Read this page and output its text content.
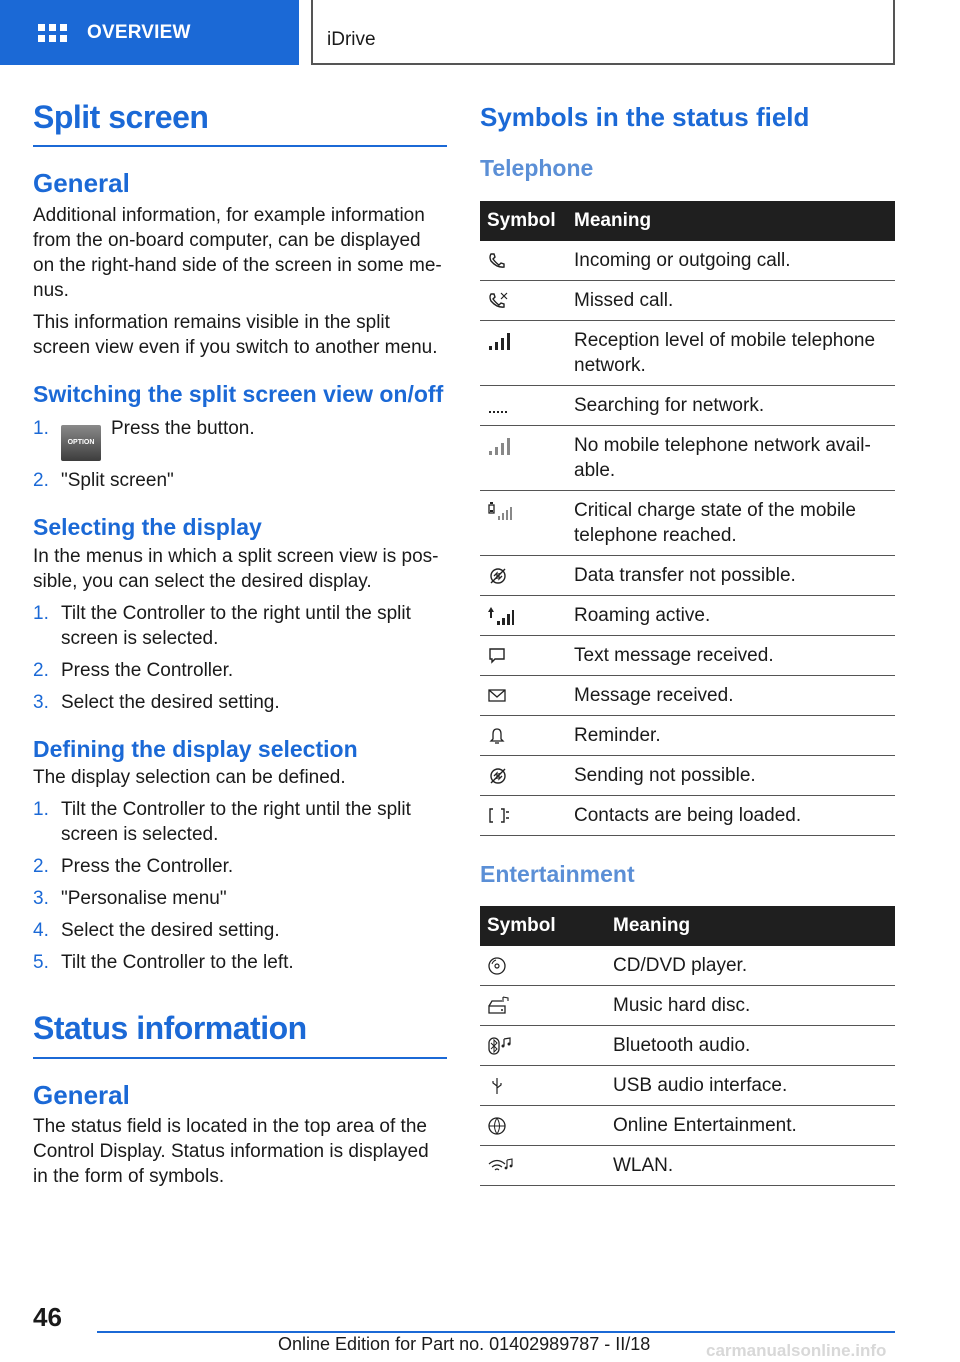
OVERVIEW	iDrive
Split screen
General

Additional information, for example information from the on-board computer, can be displayed on the right-hand side of the screen in some me‐nus.

This information remains visible in the split screen view even if you switch to another menu.

Switching the split screen view on/off
1.
OPTIONPress the button.
2. "Split screen"
Selecting the display

In the menus in which a split screen view is pos‐sible, you can select the desired display.

1. Tilt the Controller to the right until the split screen is selected.
2. Press the Controller.
3. Select the desired setting.
Defining the display selection

The display selection can be defined.

1. Tilt the Controller to the right until the split screen is selected.
2. Press the Controller.
3. "Personalise menu"
4. Select the desired setting.
5. Tilt the Controller to the left.
Status information
General

The status field is located in the top area of the Control Display. Status information is displayed in the form of symbols.

Symbols in the status field
Telephone
Symbol	Meaning

	Incoming or outgoing call.

	Missed call.

	Reception level of mobile telephone network.

	Searching for network.

	No mobile telephone network avail‐able.

	Critical charge state of the mobile telephone reached.

	Data transfer not possible.

	Roaming active.

	Text message received.

	Message received.

	Reminder.

	Sending not possible.

	Contacts are being loaded.
Entertainment
Symbol	Meaning

	CD/DVD player.

	Music hard disc.

	Bluetooth audio.

	USB audio interface.

	Online Entertainment.

	WLAN.
46
Online Edition for Part no. 01402989787 - II/18	carmanualsonline.info
